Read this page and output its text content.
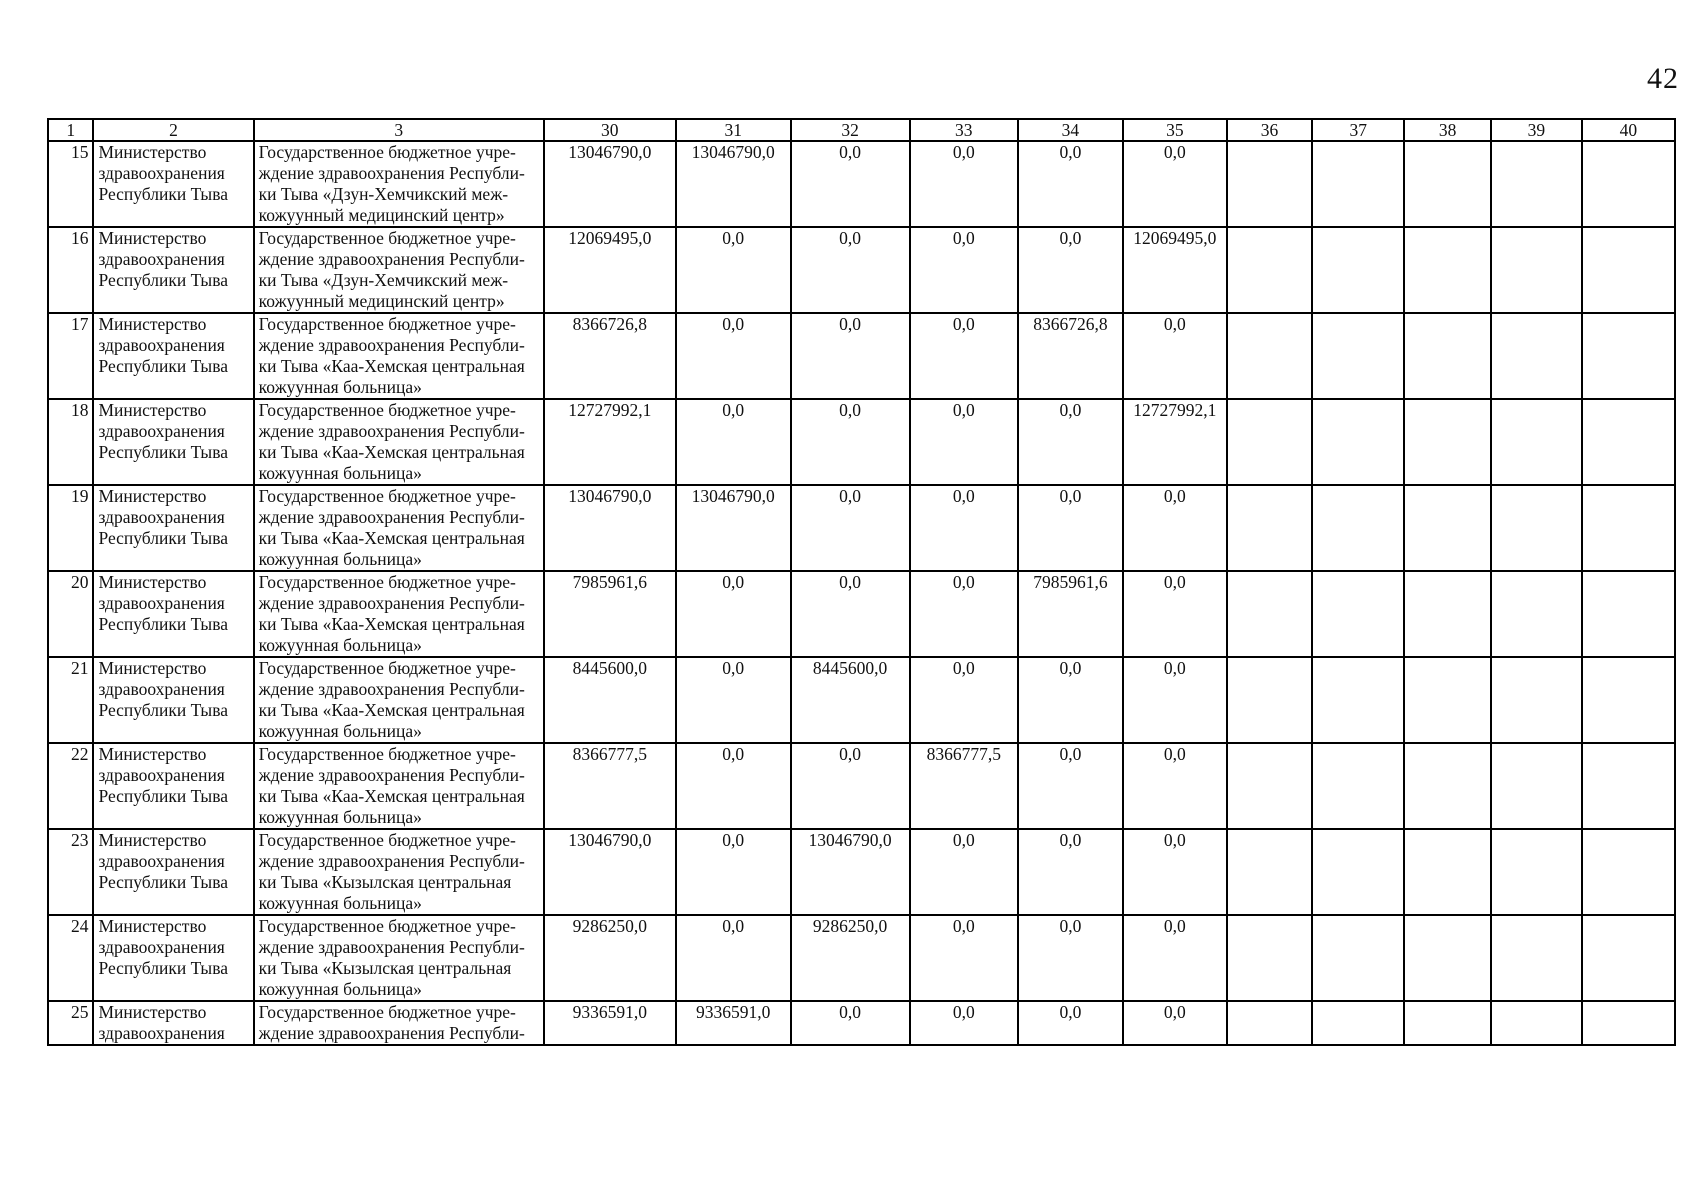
42
1	2	3	30	31	32	33	34	35	36	37	38	39	40
15	Министерство
здравоохранения
Республики Тыва	Государственное бюджетное учре-
ждение здравоохранения Республи-
ки Тыва «Дзун-Хемчикский меж-
кожуунный медицинский центр»	13046790,0	13046790,0	0,0	0,0	0,0	0,0					
16	Министерство
здравоохранения
Республики Тыва	Государственное бюджетное учре-
ждение здравоохранения Республи-
ки Тыва «Дзун-Хемчикский меж-
кожуунный медицинский центр»	12069495,0	0,0	0,0	0,0	0,0	12069495,0					
17	Министерство
здравоохранения
Республики Тыва	Государственное бюджетное учре-
ждение здравоохранения Республи-
ки Тыва «Каа-Хемская центральная
кожуунная больница»	8366726,8	0,0	0,0	0,0	8366726,8	0,0					
18	Министерство
здравоохранения
Республики Тыва	Государственное бюджетное учре-
ждение здравоохранения Республи-
ки Тыва «Каа-Хемская центральная
кожуунная больница»	12727992,1	0,0	0,0	0,0	0,0	12727992,1					
19	Министерство
здравоохранения
Республики Тыва	Государственное бюджетное учре-
ждение здравоохранения Республи-
ки Тыва «Каа-Хемская центральная
кожуунная больница»	13046790,0	13046790,0	0,0	0,0	0,0	0,0					
20	Министерство
здравоохранения
Республики Тыва	Государственное бюджетное учре-
ждение здравоохранения Республи-
ки Тыва «Каа-Хемская центральная
кожуунная больница»	7985961,6	0,0	0,0	0,0	7985961,6	0,0					
21	Министерство
здравоохранения
Республики Тыва	Государственное бюджетное учре-
ждение здравоохранения Республи-
ки Тыва «Каа-Хемская центральная
кожуунная больница»	8445600,0	0,0	8445600,0	0,0	0,0	0,0					
22	Министерство
здравоохранения
Республики Тыва	Государственное бюджетное учре-
ждение здравоохранения Республи-
ки Тыва «Каа-Хемская центральная
кожуунная больница»	8366777,5	0,0	0,0	8366777,5	0,0	0,0					
23	Министерство
здравоохранения
Республики Тыва	Государственное бюджетное учре-
ждение здравоохранения Республи-
ки Тыва «Кызылская центральная
кожуунная больница»	13046790,0	0,0	13046790,0	0,0	0,0	0,0					
24	Министерство
здравоохранения
Республики Тыва	Государственное бюджетное учре-
ждение здравоохранения Республи-
ки Тыва «Кызылская центральная
кожуунная больница»	9286250,0	0,0	9286250,0	0,0	0,0	0,0					
25	Министерство
здравоохранения	Государственное бюджетное учре-
ждение здравоохранения Республи-	9336591,0	9336591,0	0,0	0,0	0,0	0,0					
